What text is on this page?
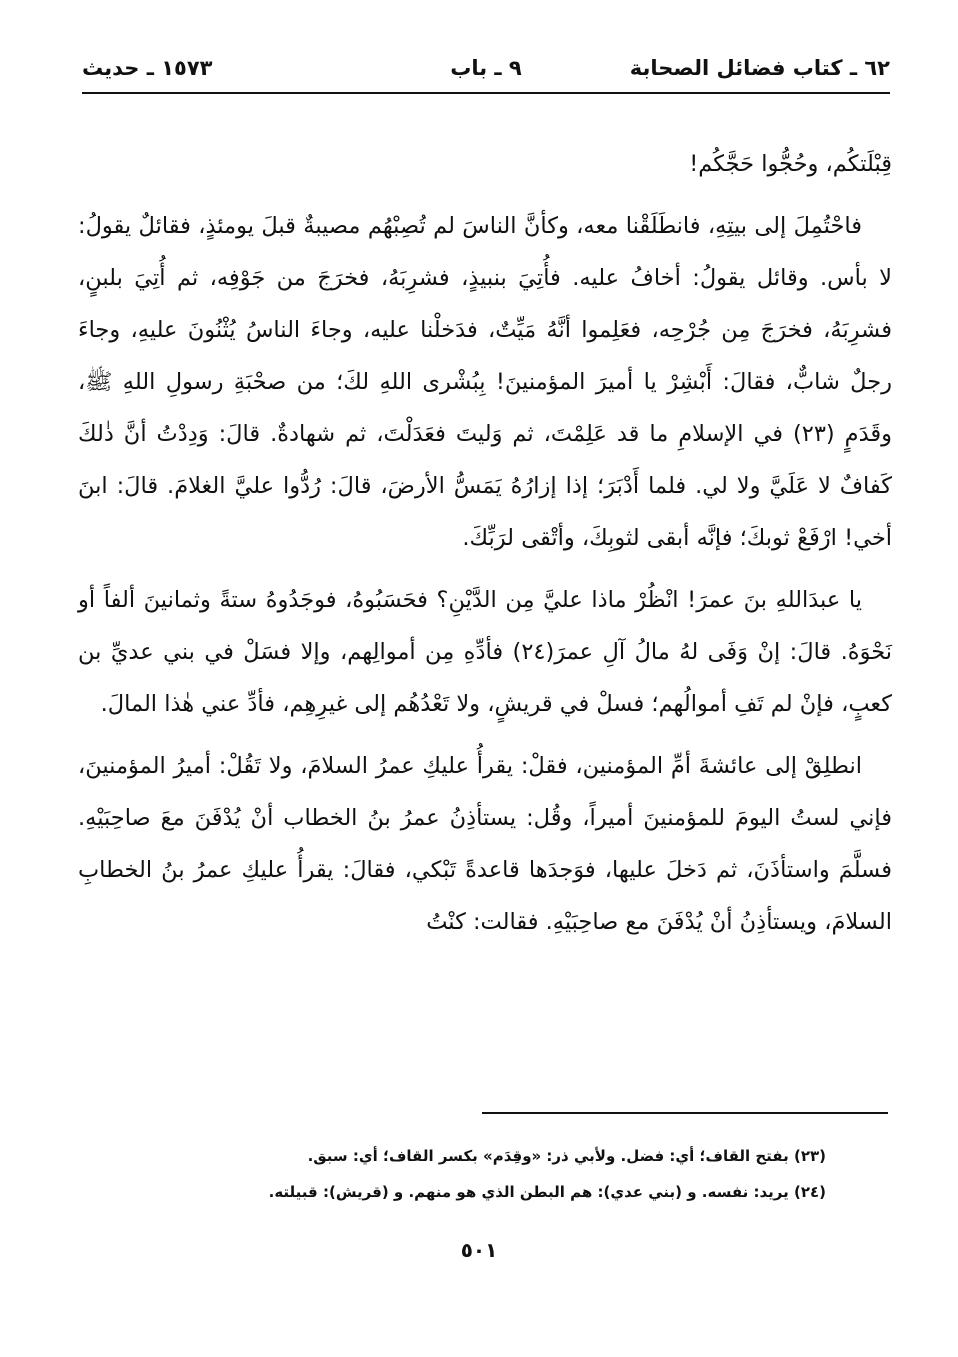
٦٢ ـ كتاب فضائل الصحابة
٩ ـ باب
١٥٧٣ ـ حديث

قِبْلَتكُم، وحُجُّوا حَجَّكُم!

فاحْتُمِلَ إلى بيتِهِ، فانطَلَقْنا معه، وكأنَّ الناسَ لم تُصِبْهُم مصيبةٌ قبلَ يومئذٍ، فقائلٌ يقولُ: لا بأس. وقائل يقولُ: أخافُ عليه. فأُتِيَ بنبيذٍ، فشرِبَهُ، فخرَجَ من جَوْفِه، ثم أُتِيَ بلبنٍ، فشرِبَهُ، فخرَجَ مِن جُرْحِه، فعَلِموا أنَّهُ مَيِّتٌ، فدَخلْنا عليه، وجاءَ الناسُ يُثْنُونَ عليهِ، وجاءَ رجلٌ شابٌّ، فقالَ: أَبْشِرْ يا أميرَ المؤمنينَ! بِبُشْرى اللهِ لكَ؛ من صحْبَةِ رسولِ اللهِ ﷺ، وقَدَمٍ (٢٣) في الإسلامِ ما قد عَلِمْتَ، ثم وَليتَ فعَدَلْتَ، ثم شهادةٌ. قالَ: وَدِدْتُ أنَّ ذٰلكَ كَفافٌ لا عَلَيَّ ولا لي. فلما أَدْبَرَ؛ إذا إزارُهُ يَمَسُّ الأرضَ، قالَ: رُدُّوا عليَّ الغلامَ. قالَ: ابنَ أخي! ارْفَعْ ثوبكَ؛ فإنَّه أبقى لثوبِكَ، وأتْقى لرَبِّكَ.

يا عبدَاللهِ بنَ عمرَ! انْظُرْ ماذا عليَّ مِن الدَّيْنِ؟ فحَسَبُوهُ، فوجَدُوهُ ستةً وثمانينَ ألفاً أو نَحْوَهُ. قالَ: إنْ وَفَى لهُ مالُ آلِ عمرَ(٢٤) فأدِّهِ مِن أموالِهم، وإلا فسَلْ في بني عديِّ بن كعبٍ، فإنْ لم تَفِ أموالُهم؛ فسلْ في قريشٍ، ولا تَعْدُهُم إلى غيرِهِم، فأدِّ عني هٰذا المالَ.

انطلِقْ إلى عائشةَ أمِّ المؤمنين، فقلْ: يقرأُ عليكِ عمرُ السلامَ، ولا تَقُلْ: أميرُ المؤمنينَ، فإني لستُ اليومَ للمؤمنينَ أميراً، وقُل: يستأذِنُ عمرُ بنُ الخطاب أنْ يُدْفَنَ معَ صاحِبَيْهِ. فسلَّمَ واستأذَنَ، ثم دَخلَ عليها، فوَجدَها قاعدةً تَبْكي، فقالَ: يقرأُ عليكِ عمرُ بنُ الخطابِ السلامَ، ويستأذِنُ أنْ يُدْفَنَ مع صاحِبَيْهِ. فقالت: كنْتُ

(٢٣) بفتح القاف؛ أي: فضل. ولأبي ذر: «وقِدَم» بكسر القاف؛ أي: سبق.

(٢٤) يريد: نفسه. و (بني عدي): هم البطن الذي هو منهم. و (قريش): قبيلته.

٥٠١
